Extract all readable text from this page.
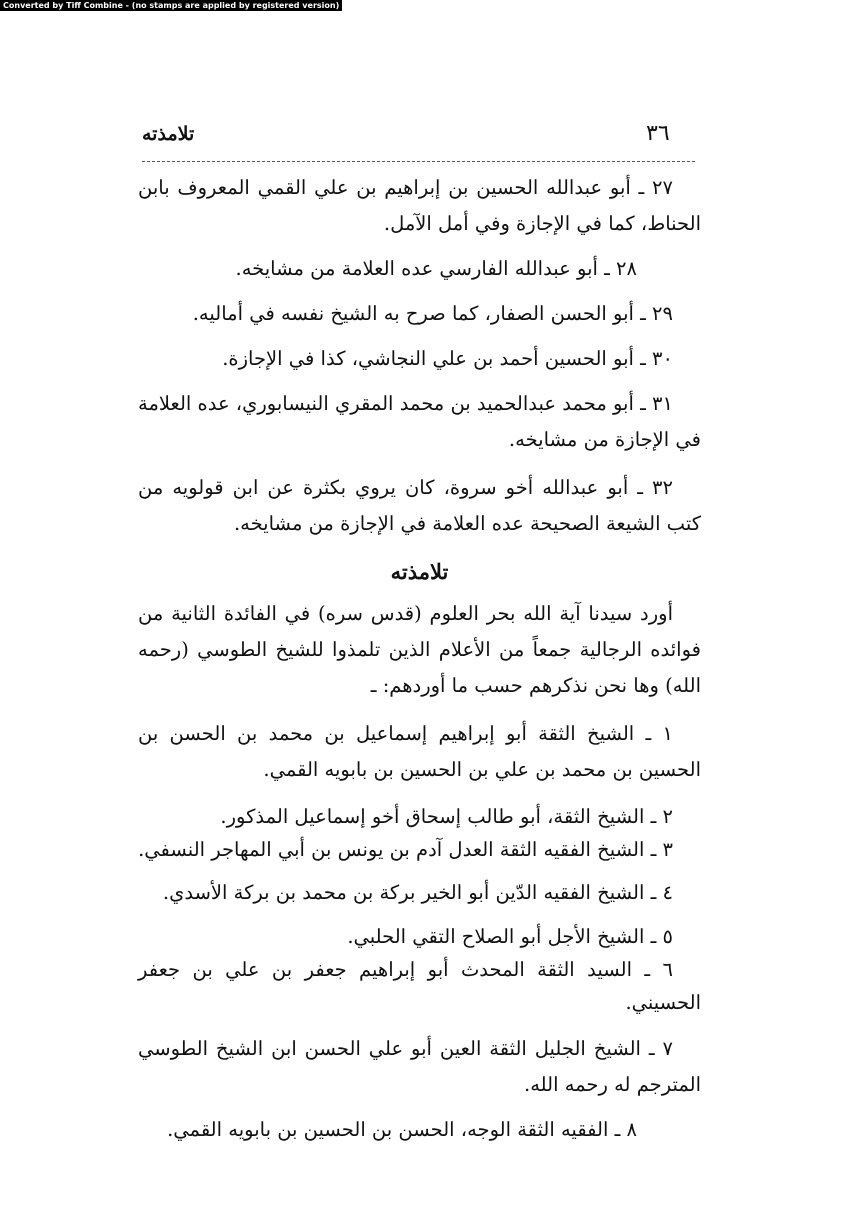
Converted by Tiff Combine - (no stamps are applied by registered version)
٣٦
تلامذته

٢٧ ـ أبو عبدالله الحسين بن إبراهيم بن علي القمي المعروف بابن الحناط، كما في الإجازة وفي أمل الآمل.

٢٨ ـ أبو عبدالله الفارسي عده العلامة من مشايخه.

٢٩ ـ أبو الحسن الصفار، كما صرح به الشيخ نفسه في أماليه.

٣٠ ـ أبو الحسين أحمد بن علي النجاشي، كذا في الإجازة.

٣١ ـ أبو محمد عبدالحميد بن محمد المقري النيسابوري، عده العلامة في الإجازة من مشايخه.

٣٢ ـ أبو عبدالله أخو سروة، كان يروي بكثرة عن ابن قولويه من كتب الشيعة الصحيحة عده العلامة في الإجازة من مشايخه.

تلامذته

أورد سيدنا آية الله بحر العلوم (قدس سره) في الفائدة الثانية من فوائده الرجالية جمعاً من الأعلام الذين تلمذوا للشيخ الطوسي (رحمه الله) وها نحن نذكرهم حسب ما أوردهم: ـ

١ ـ الشيخ الثقة أبو إبراهيم إسماعيل بن محمد بن الحسن بن الحسين بن محمد بن علي بن الحسين بن بابويه القمي.

٢ ـ الشيخ الثقة، أبو طالب إسحاق أخو إسماعيل المذكور.

٣ ـ الشيخ الفقيه الثقة العدل آدم بن يونس بن أبي المهاجر النسفي.

٤ ـ الشيخ الفقيه الدّين أبو الخير بركة بن محمد بن بركة الأسدي.

٥ ـ الشيخ الأجل أبو الصلاح التقي الحلبي.

٦ ـ السيد الثقة المحدث أبو إبراهيم جعفر بن علي بن جعفر الحسيني.

٧ ـ الشيخ الجليل الثقة العين أبو علي الحسن ابن الشيخ الطوسي المترجم له رحمه الله.

٨ ـ الفقيه الثقة الوجه، الحسن بن الحسين بن بابويه القمي.
